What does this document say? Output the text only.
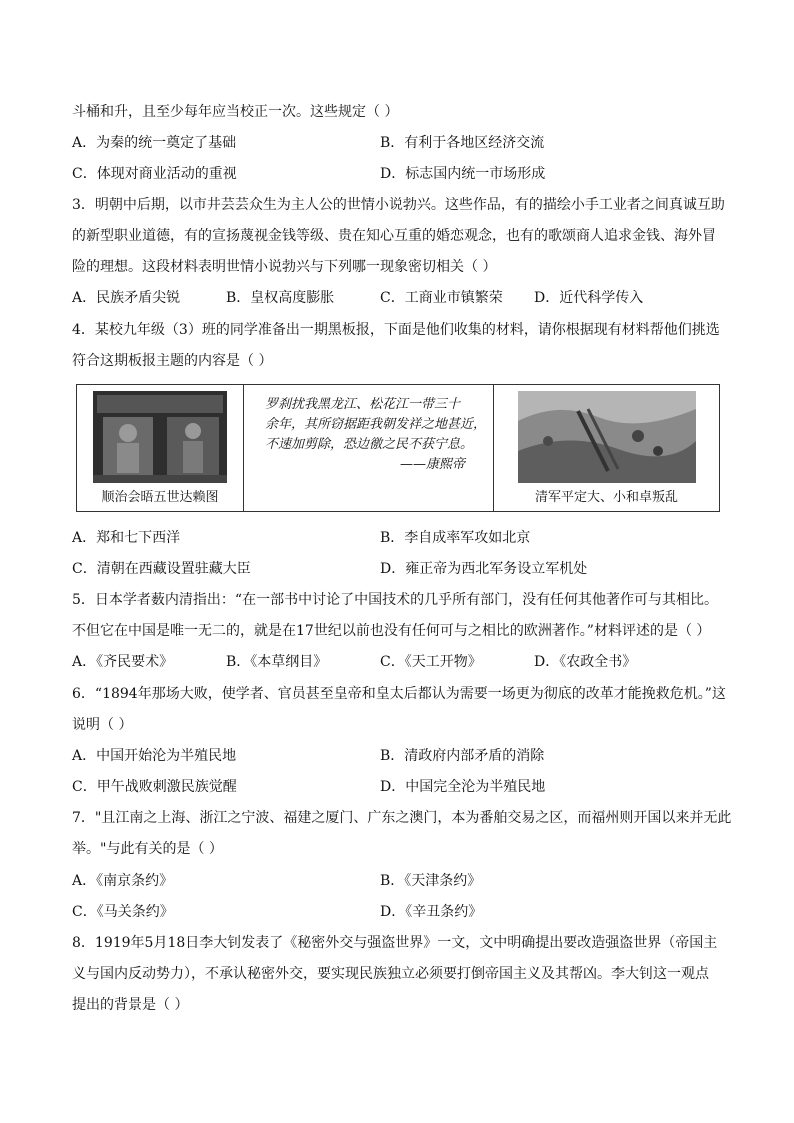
斗桶和升，且至少每年应当校正一次。这些规定（ ）
A．为秦的统一奠定了基础	B．有利于各地区经济交流
C．体现对商业活动的重视	D．标志国内统一市场形成
3．明朝中后期，以市井芸芸众生为主人公的世情小说勃兴。这些作品，有的描绘小手工业者之间真诚互助
的新型职业道德，有的宣扬蔑视金钱等级、贵在知心互重的婚恋观念，也有的歌颂商人追求金钱、海外冒
险的理想。这段材料表明世情小说勃兴与下列哪一现象密切相关（ ）
A．民族矛盾尖锐	B．皇权高度膨胀	C．工商业市镇繁荣 D．近代科学传入
4．某校九年级（3）班的同学准备出一期黑板报，下面是他们收集的材料，请你根据现有材料帮他们挑选
符合这期板报主题的内容是（ ）
顺治会晤五世达赖图
罗刹扰我黑龙江、松花江一带三十
余年，其所窃据距我朝发祥之地甚近，
不速加剪除，恐边徼之民不获宁息。
——康熙帝
清军平定大、小和卓叛乱
A．郑和七下西洋	B．李自成率军攻如北京
C．清朝在西藏设置驻藏大臣	D．雍正帝为西北军务设立军机处
5．日本学者薮内清指出：“在一部书中讨论了中国技术的几乎所有部门，没有任何其他著作可与其相比。
不但它在中国是唯一无二的，就是在17世纪以前也没有任何可与之相比的欧洲著作。”材料评述的是（ ）
A．《齐民要术》	B．《本草纲目》	C．《天工开物》	D．《农政全书》
6．“1894年那场大败，使学者、官员甚至皇帝和皇太后都认为需要一场更为彻底的改革才能挽救危机。”这
说明（ ）
A．中国开始沦为半殖民地	B．清政府内部矛盾的消除
C．甲午战败刺激民族觉醒	D．中国完全沦为半殖民地
7．"且江南之上海、浙江之宁波、福建之厦门、广东之澳门，本为番舶交易之区，而福州则开国以来并无此
举。"与此有关的是（ ）
A．《南京条约》	B．《天津条约》
C．《马关条约》	D．《辛丑条约》
8．1919年5月18日李大钊发表了《秘密外交与强盗世界》一文，文中明确提出要改造强盗世界（帝国主
义与国内反动势力），不承认秘密外交，要实现民族独立必须要打倒帝国主义及其帮凶。李大钊这一观点
提出的背景是（ ）
